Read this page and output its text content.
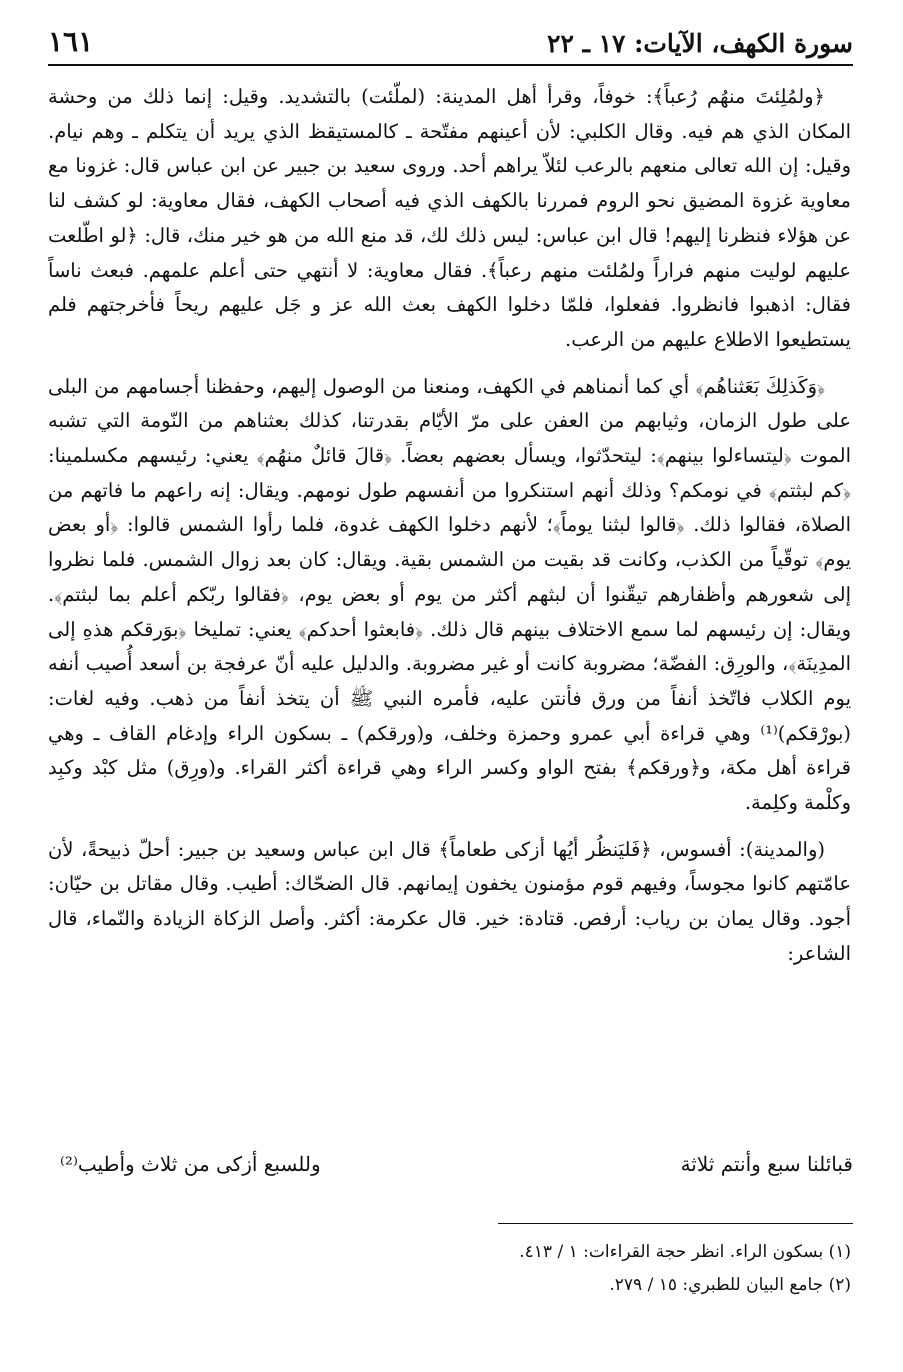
سورة الكهف، الآيات: ١٧ ـ ٢٢
١٦١

﴿ولمُلِئتَ منهُم رُعباً﴾: خوفاً، وقرأ أهل المدينة: (لملّئت) بالتشديد. وقيل: إنما ذلك من وحشة المكان الذي هم فيه. وقال الكلبي: لأن أعينهم مفتّحة ـ كالمستيقظ الذي يريد أن يتكلم ـ وهم نيام. وقيل: إن الله تعالى منعهم بالرعب لئلاّ يراهم أحد. وروى سعيد بن جبير عن ابن عباس قال: غزونا مع معاوية غزوة المضيق نحو الروم فمررنا بالكهف الذي فيه أصحاب الكهف، فقال معاوية: لو كشف لنا عن هؤلاء فنظرنا إليهم! قال ابن عباس: ليس ذلك لك، قد منع الله من هو خير منك، قال: ﴿لو اطّلعت عليهم لوليت منهم فراراً ولمُلئت منهم رعباً﴾. فقال معاوية: لا أنتهي حتى أعلم علمهم. فبعث ناساً فقال: اذهبوا فانظروا. ففعلوا، فلمّا دخلوا الكهف بعث الله عز و جَل عليهم ريحاً فأخرجتهم فلم يستطيعوا الاطلاع عليهم من الرعب.

﴿وَكَذلِكَ بَعَثناهُم﴾ أي كما أنمناهم في الكهف، ومنعنا من الوصول إليهم، وحفظنا أجسامهم من البلى على طول الزمان، وثيابهم من العفن على مرّ الأيّام بقدرتنا، كذلك بعثناهم من النّومة التي تشبه الموت ﴿ليتساءلوا بينهم﴾: ليتحدّثوا، ويسأل بعضهم بعضاً. ﴿قالَ قائلٌ منهُم﴾ يعني: رئيسهم مكسلمينا: ﴿كم لبثتم﴾ في نومكم؟ وذلك أنهم استنكروا من أنفسهم طول نومهم. ويقال: إنه راعهم ما فاتهم من الصلاة، فقالوا ذلك. ﴿قالوا لبثنا يوماً﴾؛ لأنهم دخلوا الكهف غدوة، فلما رأوا الشمس قالوا: ﴿أو بعض يوم﴾ توقّياً من الكذب، وكانت قد بقيت من الشمس بقية. ويقال: كان بعد زوال الشمس. فلما نظروا إلى شعورهم وأظفارهم تيقّنوا أن لبثهم أكثر من يوم أو بعض يوم، ﴿فقالوا ربّكم أعلم بما لبثتم﴾. ويقال: إن رئيسهم لما سمع الاختلاف بينهم قال ذلك. ﴿فابعثوا أحدكم﴾ يعني: تمليخا ﴿بوَرقكم هذهِ إلى المدِينَة﴾، والورِق: الفضّة؛ مضروبة كانت أو غير مضروبة. والدليل عليه أنّ عرفجة بن أسعد أُصيب أنفه يوم الكلاب فاتّخذ أنفاً من ورق فأنتن عليه، فأمره النبي ﷺ أن يتخذ أنفاً من ذهب. وفيه لغات: (بورْقكم)⁽¹⁾ وهي قراءة أبي عمرو وحمزة وخلف، و(ورقكم) ـ بسكون الراء وإدغام القاف ـ وهي قراءة أهل مكة، و﴿ورقكم﴾ بفتح الواو وكسر الراء وهي قراءة أكثر القراء. و(ورِق) مثل كبْد وكبِد وكلْمة وكلِمة.

(والمدينة): أفسوس، ﴿فَليَنظُر أيُها أزكى طعاماً﴾ قال ابن عباس وسعيد بن جبير: أحلّ ذبيحةً، لأن عامّتهم كانوا مجوساً، وفيهم قوم مؤمنون يخفون إيمانهم. قال الضحّاك: أطيب. وقال مقاتل بن حيّان: أجود. وقال يمان بن رياب: أرفص. قتادة: خير. قال عكرمة: أكثر. وأصل الزكاة الزيادة والنّماء، قال الشاعر:

قبائلنا سبع وأنتم ثلاثة
وللسبع أزكى من ثلاث وأطيب⁽²⁾
(١) بسكون الراء. انظر حجة القراءات: ١ / ٤١٣.
(٢) جامع البيان للطبري: ١٥ / ٢٧٩.
